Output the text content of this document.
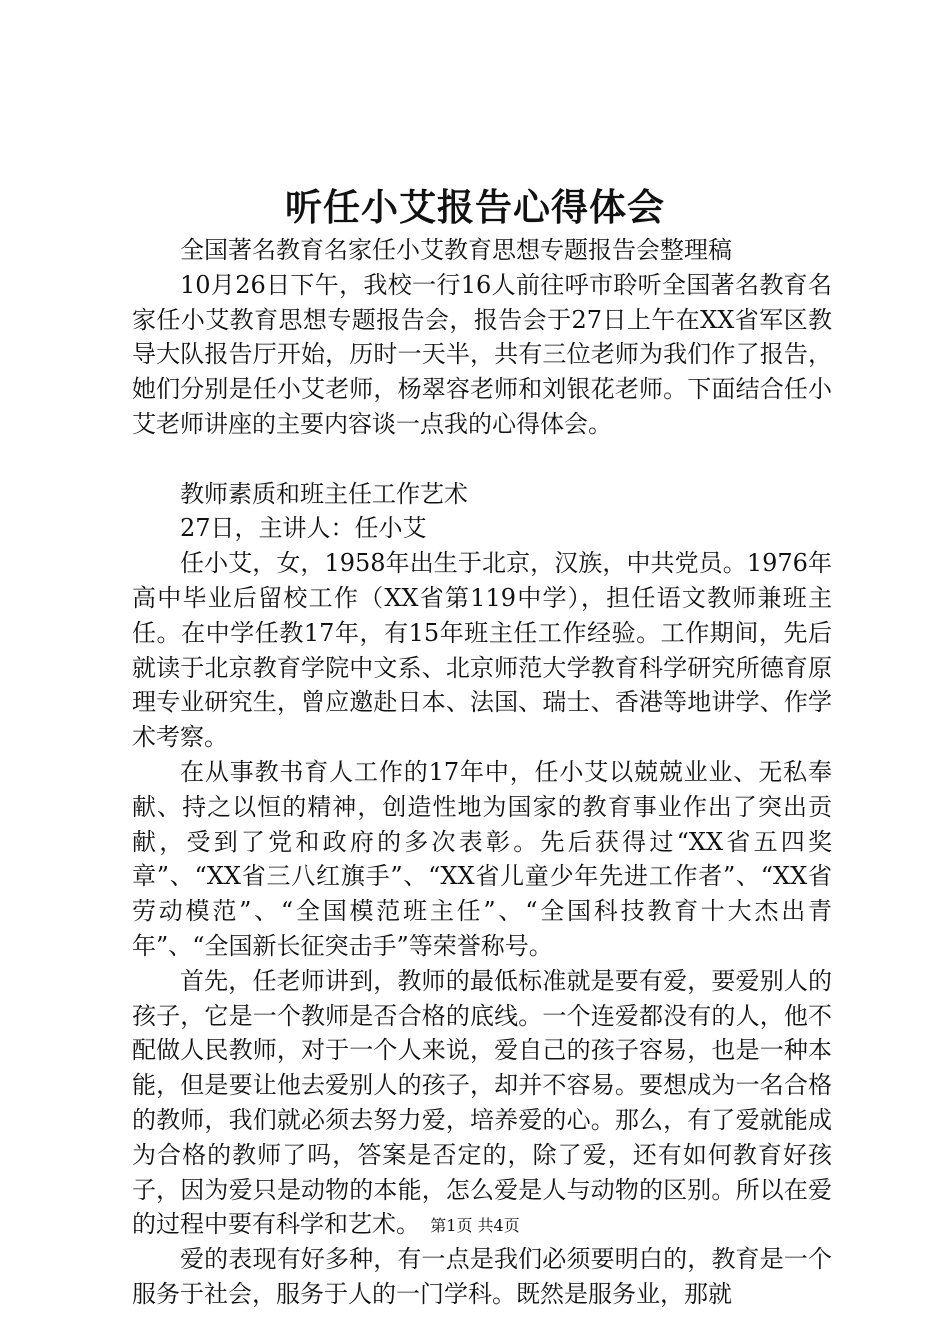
听任小艾报告心得体会

全国著名教育名家任小艾教育思想专题报告会整理稿

10月26日下午，我校一行16人前往呼市聆听全国著名教育名家任小艾教育思想专题报告会，报告会于27日上午在XX省军区教导大队报告厅开始，历时一天半，共有三位老师为我们作了报告，她们分别是任小艾老师，杨翠容老师和刘银花老师。下面结合任小艾老师讲座的主要内容谈一点我的心得体会。

教师素质和班主任工作艺术

27日，主讲人：任小艾

任小艾，女，1958年出生于北京，汉族，中共党员。1976年高中毕业后留校工作（XX省第119中学），担任语文教师兼班主任。在中学任教17年，有15年班主任工作经验。工作期间，先后就读于北京教育学院中文系、北京师范大学教育科学研究所德育原理专业研究生，曾应邀赴日本、法国、瑞士、香港等地讲学、作学术考察。

在从事教书育人工作的17年中，任小艾以兢兢业业、无私奉献、持之以恒的精神，创造性地为国家的教育事业作出了突出贡献，受到了党和政府的多次表彰。先后获得过“XX省五四奖章”、“XX省三八红旗手”、“XX省儿童少年先进工作者”、“XX省劳动模范”、“全国模范班主任”、“全国科技教育十大杰出青年”、“全国新长征突击手”等荣誉称号。

首先，任老师讲到，教师的最低标准就是要有爱，要爱别人的孩子，它是一个教师是否合格的底线。一个连爱都没有的人，他不配做人民教师，对于一个人来说，爱自己的孩子容易，也是一种本能，但是要让他去爱别人的孩子，却并不容易。要想成为一名合格的教师，我们就必须去努力爱，培养爱的心。那么，有了爱就能成为合格的教师了吗，答案是否定的，除了爱，还有如何教育好孩子，因为爱只是动物的本能，怎么爱是人与动物的区别。所以在爱的过程中要有科学和艺术。

爱的表现有好多种，有一点是我们必须要明白的，教育是一个服务于社会，服务于人的一门学科。既然是服务业，那就

第1页 共4页
